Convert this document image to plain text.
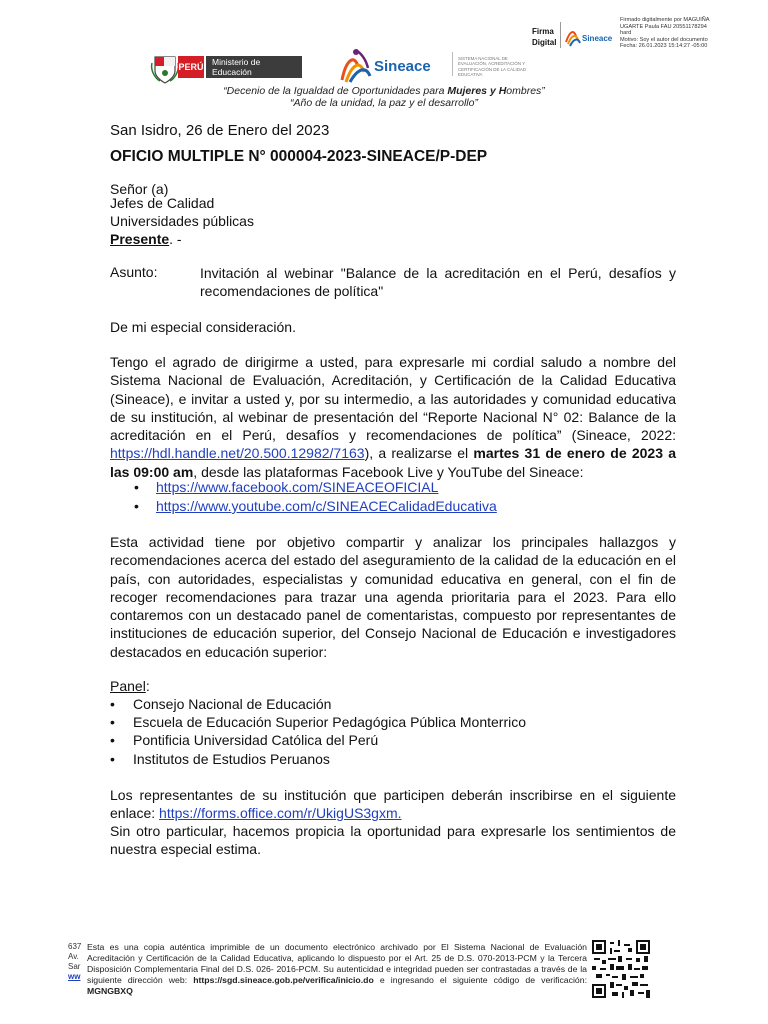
Firma
Digital	Sineace
Firmado digitalmente por MAGUIÑA
UGARTE Paula FAU 20551178294
hard
Motivo: Soy el autor del documento
Fecha: 26.01.2023 15:14:27 -05:00
PERÚ	Ministerio de Educación	Sineace	SISTEMA NACIONAL DE EVALUACIÓN, ACREDITACIÓN Y CERTIFICACIÓN DE LA CALIDAD EDUCATIVA
“Decenio de la Igualdad de Oportunidades para Mujeres y Hombres”
“Año de la unidad, la paz y el desarrollo”
San Isidro, 26 de Enero del 2023
OFICIO MULTIPLE N° 000004-2023-SINEACE/P-DEP
Señor (a)
Jefes de Calidad
Universidades públicas
Presente. -
Asunto:	Invitación al webinar "Balance de la acreditación en el Perú, desafíos y recomendaciones de política"
De mi especial consideración.
Tengo el agrado de dirigirme a usted, para expresarle mi cordial saludo a nombre del Sistema Nacional de Evaluación, Acreditación, y Certificación de la Calidad Educativa (Sineace), e invitar a usted y, por su intermedio, a las autoridades y comunidad educativa de su institución, al webinar de presentación del “Reporte Nacional N° 02: Balance de la acreditación en el Perú, desafíos y recomendaciones de política” (Sineace, 2022: https://hdl.handle.net/20.500.12982/7163), a realizarse el martes 31 de enero de 2023 a las 09:00 am, desde las plataformas Facebook Live y YouTube del Sineace:
• https://www.facebook.com/SINEACEOFICIAL
• https://www.youtube.com/c/SINEACECalidadEducativa
Esta actividad tiene por objetivo compartir y analizar los principales hallazgos y recomendaciones acerca del estado del aseguramiento de la calidad de la educación en el país, con autoridades, especialistas y comunidad educativa en general, con el fin de recoger recomendaciones para trazar una agenda prioritaria para el 2023. Para ello contaremos con un destacado panel de comentaristas, compuesto por representantes de instituciones de educación superior, del Consejo Nacional de Educación e investigadores destacados en educación superior:
Panel:
• Consejo Nacional de Educación
• Escuela de Educación Superior Pedagógica Pública Monterrico
• Pontificia Universidad Católica del Perú
• Institutos de Estudios Peruanos
Los representantes de su institución que participen deberán inscribirse en el siguiente enlace: https://forms.office.com/r/UkigUS3gxm.
Sin otro particular, hacemos propicia la oportunidad para expresarle los sentimientos de nuestra especial estima.
637
Av.
Sar
ww
Esta es una copia auténtica imprimible de un documento electrónico archivado por El Sistema Nacional de Evaluación Acreditación y Certificación de la Calidad Educativa, aplicando lo dispuesto por el Art. 25 de D.S. 070-2013-PCM y la Tercera Disposición Complementaria Final del D.S. 026- 2016-PCM. Su autenticidad e integridad pueden ser contrastadas a través de la siguiente dirección web: https://sgd.sineace.gob.pe/verifica/inicio.do e ingresando el siguiente código de verificación: MGNGBXQ
